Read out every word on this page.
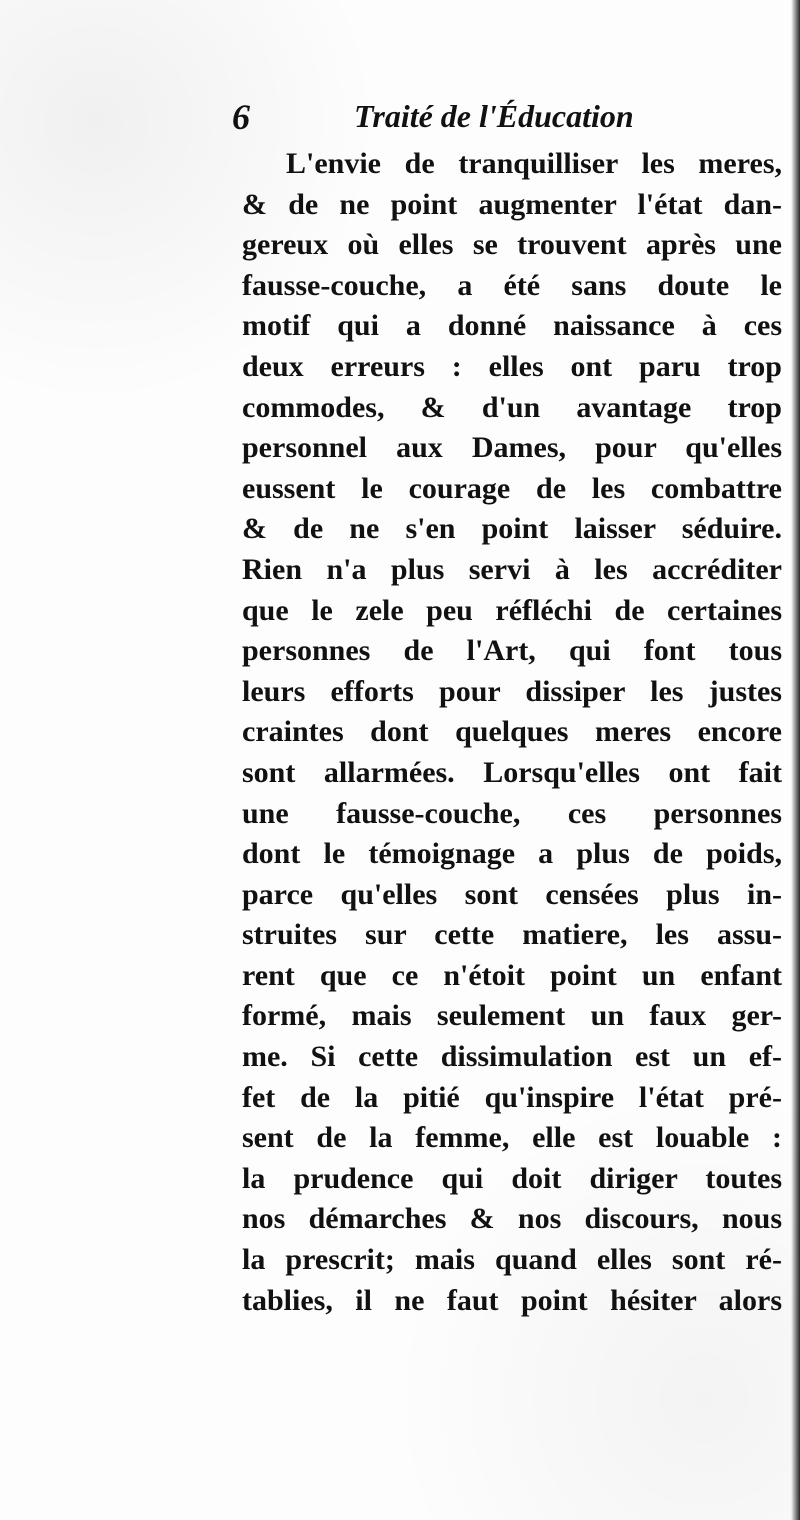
6	Traité de l'Éducation
L'envie de tranquilliser les meres,
& de ne point augmenter l'état dan-
gereux où elles se trouvent après une
fausse-couche, a été sans doute le
motif qui a donné naissance à ces
deux erreurs : elles ont paru trop
commodes, & d'un avantage trop
personnel aux Dames, pour qu'elles
eussent le courage de les combattre
& de ne s'en point laisser séduire.
Rien n'a plus servi à les accréditer
que le zele peu réfléchi de certaines
personnes de l'Art, qui font tous
leurs efforts pour dissiper les justes
craintes dont quelques meres encore
sont allarmées. Lorsqu'elles ont fait
une fausse-couche, ces personnes
dont le témoignage a plus de poids,
parce qu'elles sont censées plus in-
struites sur cette matiere, les assu-
rent que ce n'étoit point un enfant
formé, mais seulement un faux ger-
me. Si cette dissimulation est un ef-
fet de la pitié qu'inspire l'état pré-
sent de la femme, elle est louable :
la prudence qui doit diriger toutes
nos démarches & nos discours, nous
la prescrit; mais quand elles sont ré-
tablies, il ne faut point hésiter alors
